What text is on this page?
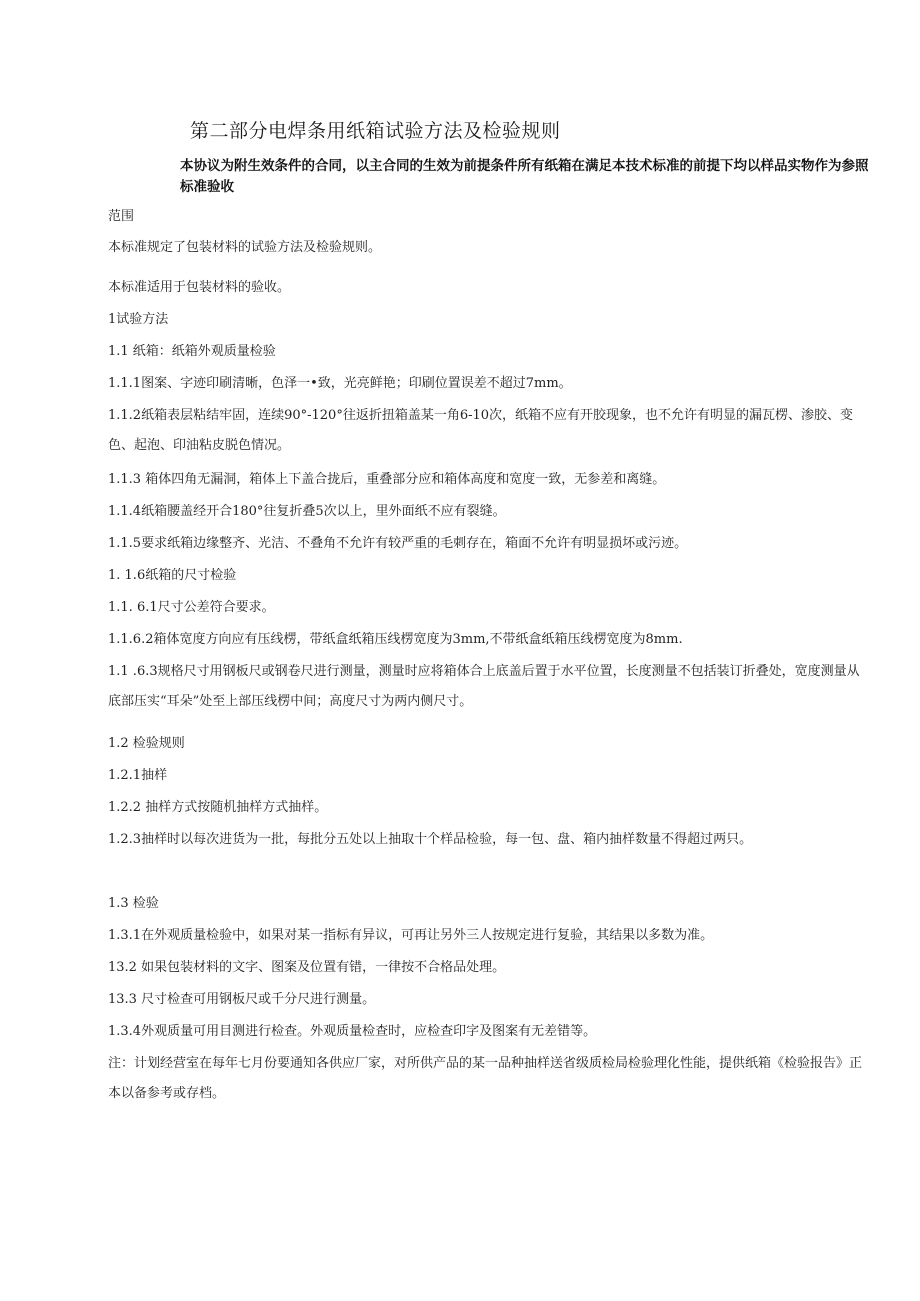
第二部分电焊条用纸箱试验方法及检验规则
本协议为附生效条件的合同，以主合同的生效为前提条件所有纸箱在满足本技术标准的前提下均以样品实物作为参照标准验收
范围
本标准规定了包装材料的试验方法及检验规则。
本标准适用于包装材料的验收。
1试验方法
1.1 纸箱：纸箱外观质量检验
1.1.1图案、字迹印刷清晰，色泽一•致，光亮鲜艳；印刷位置误差不超过7mm。
1.1.2纸箱表层粘结牢固，连续90°-120°往返折扭箱盖某一角6-10次，纸箱不应有开胶现象，也不允许有明显的漏瓦楞、渗胶、变色、起泡、印油粘皮脱色情况。
1.1.3 箱体四角无漏洞，箱体上下盖合拢后，重叠部分应和箱体高度和宽度一致，无参差和离缝。
1.1.4纸箱腰盖经开合180°往复折叠5次以上，里外面纸不应有裂缝。
1.1.5要求纸箱边缘整齐、光洁、不叠角不允许有较严重的毛刺存在，箱面不允许有明显损坏或污迹。
1. 1.6纸箱的尺寸检验
1.1. 6.1尺寸公差符合要求。
1.1.6.2箱体宽度方向应有压线楞，带纸盒纸箱压线楞宽度为3mm,不带纸盒纸箱压线楞宽度为8mm.
1.1 .6.3规格尺寸用钢板尺或钢卷尺进行测量，测量时应将箱体合上底盖后置于水平位置，长度测量不包括装订折叠处，宽度测量从底部压实“耳朵”处至上部压线楞中间；高度尺寸为两内侧尺寸。
1.2 检验规则
1.2.1抽样
1.2.2 抽样方式按随机抽样方式抽样。
1.2.3抽样时以每次进货为一批，每批分五处以上抽取十个样品检验，每一包、盘、箱内抽样数量不得超过两只。
1.3 检验
1.3.1在外观质量检验中，如果对某一指标有异议，可再让另外三人按规定进行复验，其结果以多数为准。
13.2 如果包装材料的文字、图案及位置有错，一律按不合格品处理。
13.3 尺寸检查可用钢板尺或千分尺进行测量。
1.3.4外观质量可用目测进行检查。外观质量检查时，应检查印字及图案有无差错等。
注：计划经营室在每年七月份要通知各供应厂家，对所供产品的某一品种抽样送省级质检局检验理化性能，提供纸箱《检验报告》正本以备参考或存档。
